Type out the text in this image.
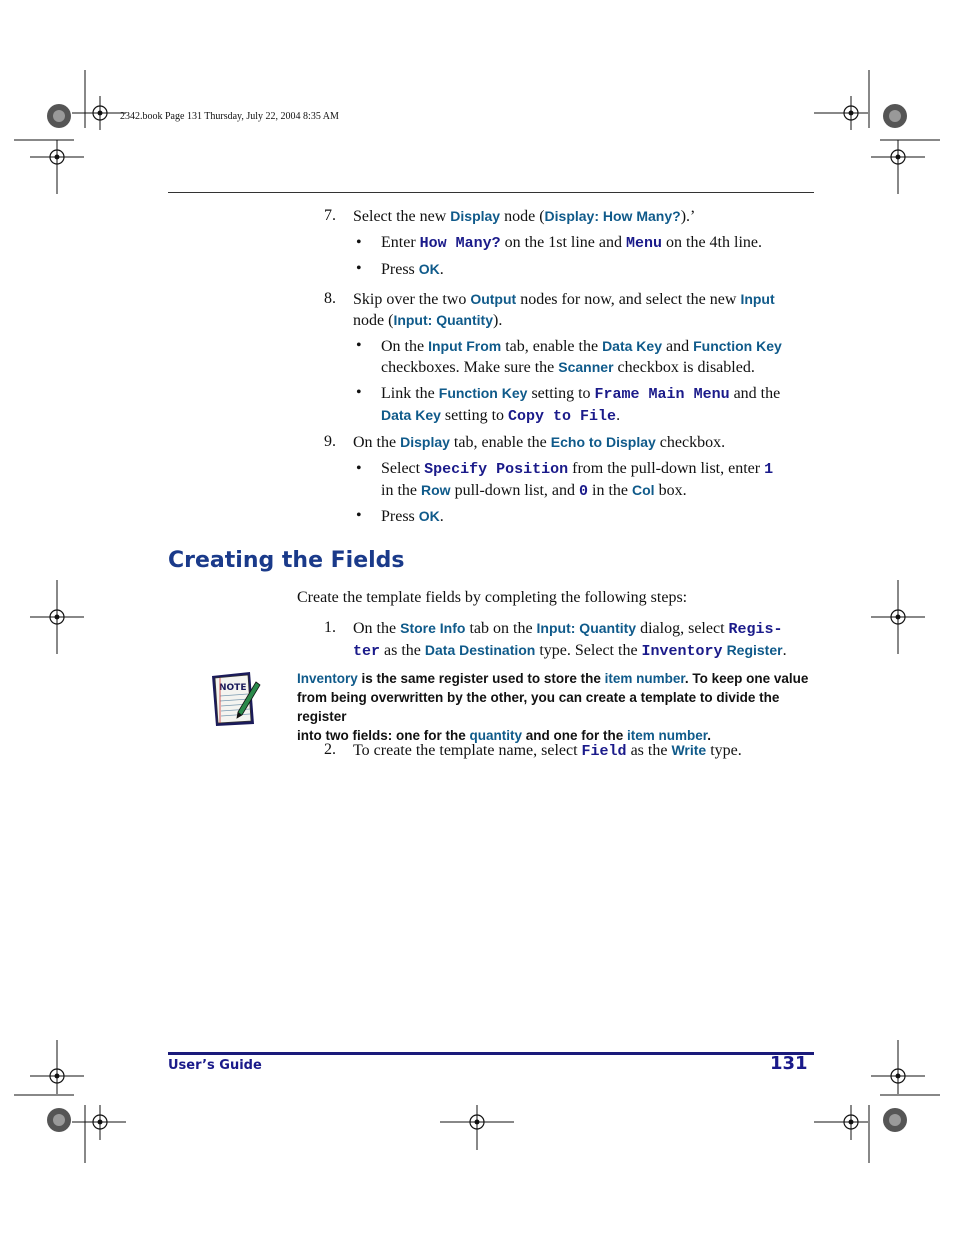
2342.book Page 131 Thursday, July 22, 2004 8:35 AM
7. Select the new Display node (Display: How Many?).’
• Enter How Many? on the 1st line and Menu on the 4th line.
• Press OK.
8. Skip over the two Output nodes for now, and select the new Input
node (Input: Quantity).
• On the Input From tab, enable the Data Key and Function Key
checkboxes. Make sure the Scanner checkbox is disabled.
• Link the Function Key setting to Frame Main Menu and the
Data Key setting to Copy to File.
9. On the Display tab, enable the Echo to Display checkbox.
• Select Specify Position from the pull-down list, enter 1
in the Row pull-down list, and 0 in the Col box.
• Press OK.
Creating the Fields
Create the template fields by completing the following steps:
1. On the Store Info tab on the Input: Quantity dialog, select Regis-
ter as the Data Destination type. Select the Inventory Register.
NOTE
Inventory is the same register used to store the item number. To keep one value
from being overwritten by the other, you can create a template to divide the register
into two fields: one for the quantity and one for the item number.
2. To create the template name, select Field as the Write type.
User’s Guide	131
